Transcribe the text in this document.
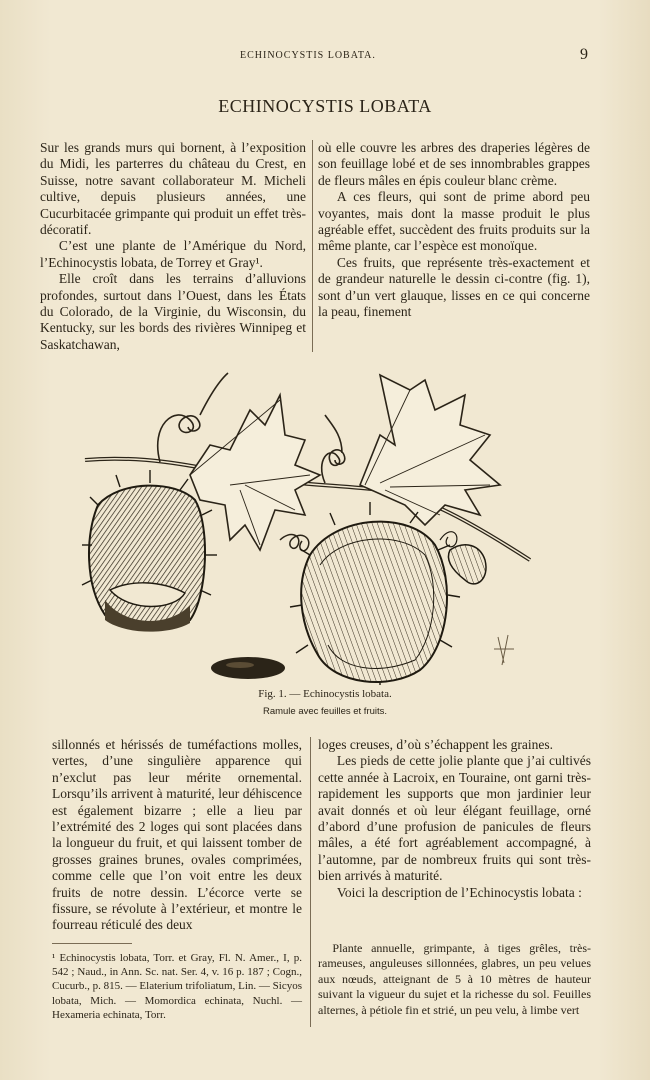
ECHINOCYSTIS LOBATA.	9
ECHINOCYSTIS LOBATA

Sur les grands murs qui bornent, à l’exposition du Midi, les parterres du château du Crest, en Suisse, notre savant collaborateur M. Micheli cultive, depuis plusieurs années, une Cucurbitacée grimpante qui produit un effet très-décoratif.

C’est une plante de l’Amérique du Nord, l’Echinocystis lobata, de Torrey et Gray¹.

Elle croît dans les terrains d’alluvions profondes, surtout dans l’Ouest, dans les États du Colorado, de la Virginie, du Wisconsin, du Kentucky, sur les bords des rivières Winnipeg et Saskatchawan,

où elle couvre les arbres des draperies légères de son feuillage lobé et de ses innombrables grappes de fleurs mâles en épis couleur blanc crème.

A ces fleurs, qui sont de prime abord peu voyantes, mais dont la masse produit le plus agréable effet, succèdent des fruits produits sur la même plante, car l’espèce est monoïque.

Ces fruits, que représente très-exactement et de grandeur naturelle le dessin ci-contre (fig. 1), sont d’un vert glauque, lisses en ce qui concerne la peau, finement

Fig. 1. — Echinocystis lobata.
Ramule avec feuilles et fruits.

sillonnés et hérissés de tuméfactions molles, vertes, d’une singulière apparence qui n’exclut pas leur mérite ornemental. Lorsqu’ils arrivent à maturité, leur déhiscence est également bizarre ; elle a lieu par l’extrémité des 2 loges qui sont placées dans la longueur du fruit, et qui laissent tomber de grosses graines brunes, ovales comprimées, comme celle que l’on voit entre les deux fruits de notre dessin. L’écorce verte se fissure, se révolute à l’extérieur, et montre le fourreau réticulé des deux

loges creuses, d’où s’échappent les graines.

Les pieds de cette jolie plante que j’ai cultivés cette année à Lacroix, en Touraine, ont garni très-rapidement les supports que mon jardinier leur avait donnés et où leur élégant feuillage, orné d’abord d’une profusion de panicules de fleurs mâles, a été fort agréablement accompagné, à l’automne, par de nombreux fruits qui sont très-bien arrivés à maturité.

Voici la description de l’Echinocystis lobata :

¹ Echinocystis lobata, Torr. et Gray, Fl. N. Amer., I, p. 542 ; Naud., in Ann. Sc. nat. Ser. 4, v. 16 p. 187 ; Cogn., Cucurb., p. 815. — Elaterium trifoliatum, Lin. — Sicyos lobata, Mich. — Momordica echinata, Nuchl. — Hexameria echinata, Torr.

Plante annuelle, grimpante, à tiges grêles, très-rameuses, anguleuses sillonnées, glabres, un peu velues aux nœuds, atteignant de 5 à 10 mètres de hauteur suivant la vigueur du sujet et la richesse du sol. Feuilles alternes, à pétiole fin et strié, un peu velu, à limbe vert
